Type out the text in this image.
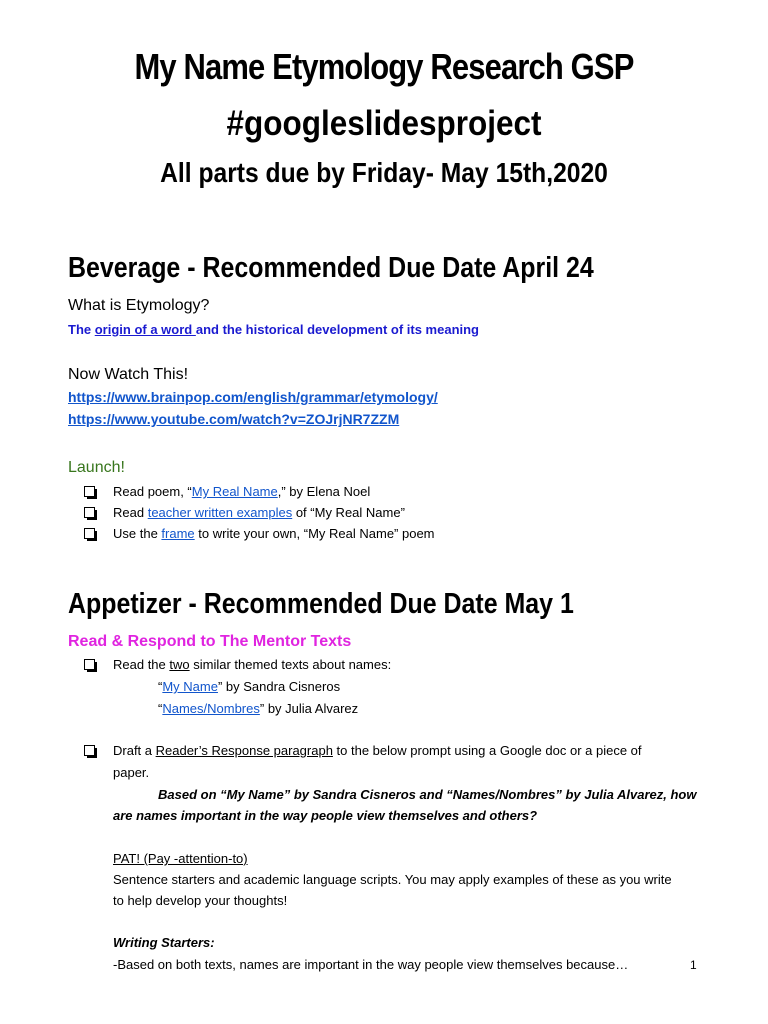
My Name Etymology Research GSP
#googleslidesproject
All parts due by Friday- May 15th,2020
Beverage - Recommended Due Date April 24
What is Etymology?
The origin of a word and the historical development of its meaning
Now Watch This!
https://www.brainpop.com/english/grammar/etymology/
https://www.youtube.com/watch?v=ZOJrjNR7ZZM
Launch!
Read poem, “My Real Name,” by Elena Noel
Read teacher written examples of “My Real Name”
Use the frame to write your own, “My Real Name” poem
Appetizer - Recommended Due Date May 1
Read & Respond to The Mentor Texts
Read the two similar themed texts about names:
“My Name” by Sandra Cisneros
“Names/Nombres” by Julia Alvarez
Draft a Reader’s Response paragraph to the below prompt using a Google doc or a piece of
paper.
Based on “My Name” by Sandra Cisneros and “Names/Nombres” by Julia Alvarez, how
are names important in the way people view themselves and others?
PAT! (Pay -attention-to)
Sentence starters and academic language scripts. You may apply examples of these as you write
to help develop your thoughts!
Writing Starters:
-Based on both texts, names are important in the way people view themselves because…	1
